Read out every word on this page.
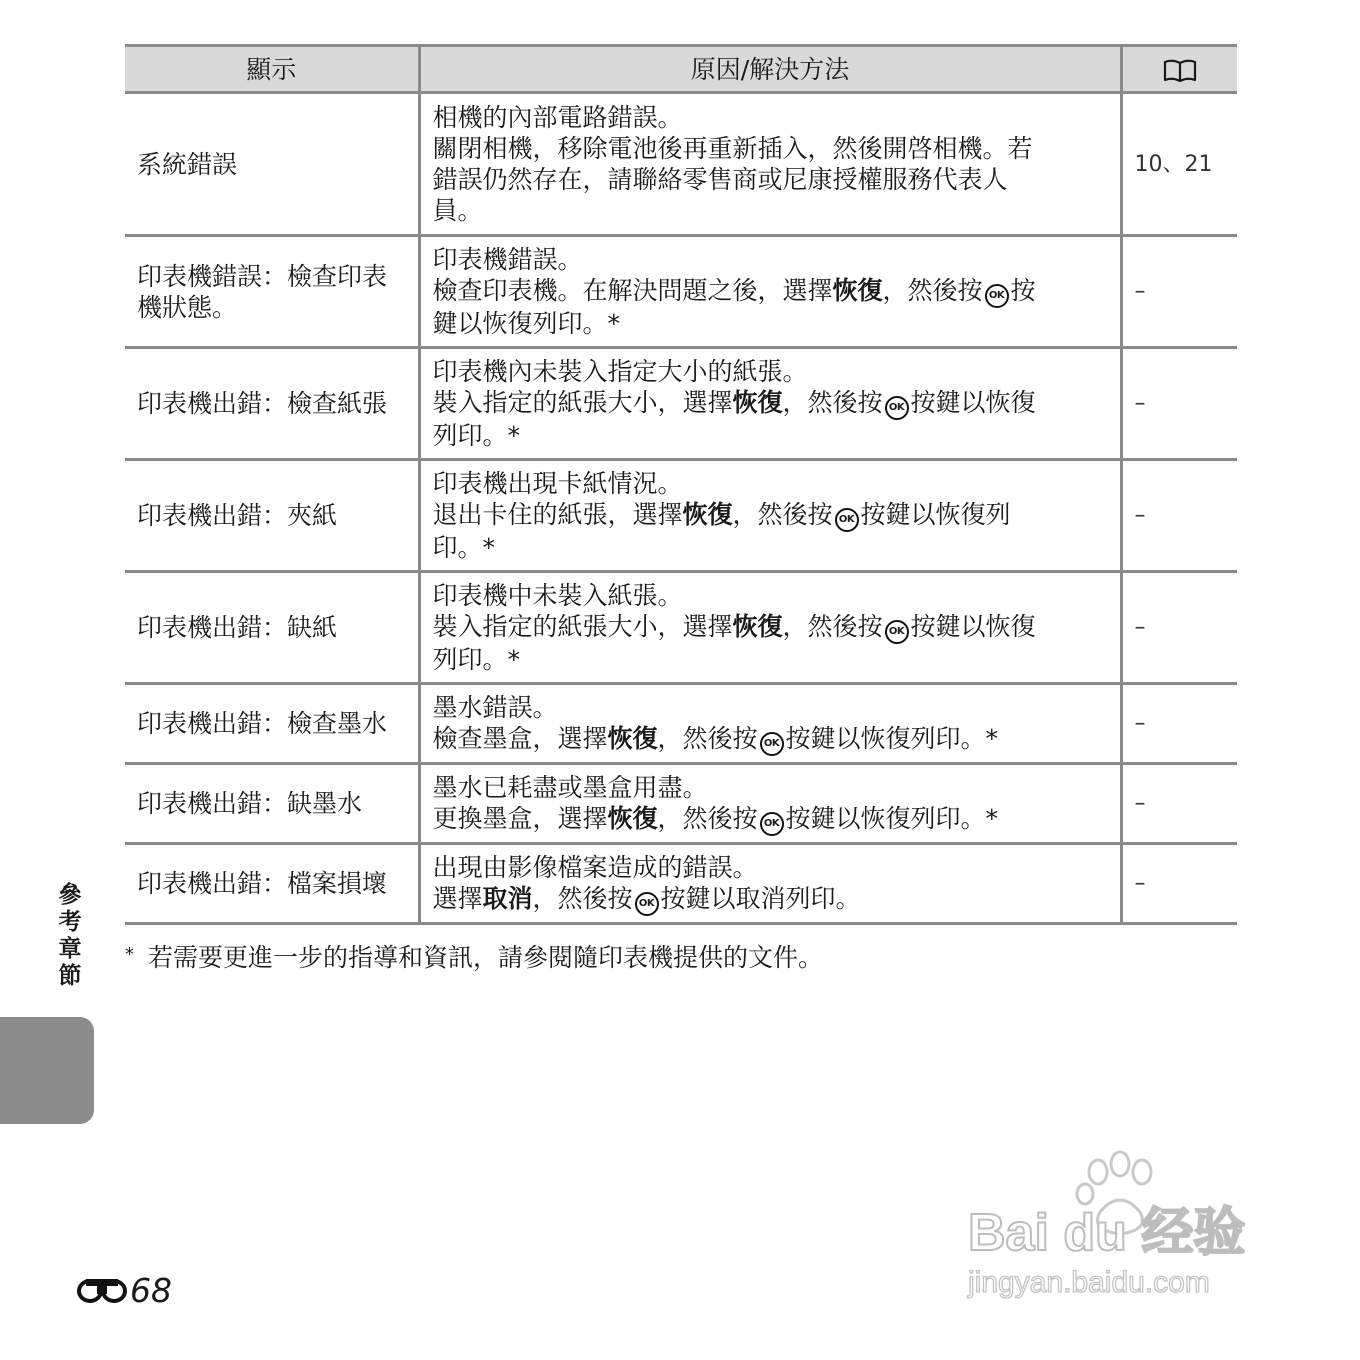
顯示	原因/解決方法	
系統錯誤	相機的內部電路錯誤。
關閉相機，移除電池後再重新插入，然後開啓相機。若
錯誤仍然存在，請聯絡零售商或尼康授權服務代表人
員。	10、21
印表機錯誤：檢查印表機狀態。	印表機錯誤。
檢查印表機。在解決問題之後，選擇恢復，然後按 OK 按
鍵以恢復列印。*	–
印表機出錯：檢查紙張	印表機內未裝入指定大小的紙張。
裝入指定的紙張大小，選擇恢復，然後按 OK 按鍵以恢復
列印。*	–
印表機出錯：夾紙	印表機出現卡紙情況。
退出卡住的紙張，選擇恢復，然後按 OK 按鍵以恢復列
印。*	–
印表機出錯：缺紙	印表機中未裝入紙張。
裝入指定的紙張大小，選擇恢復，然後按 OK 按鍵以恢復
列印。*	–
印表機出錯：檢查墨水	墨水錯誤。
檢查墨盒，選擇恢復，然後按 OK 按鍵以恢復列印。*	–
印表機出錯：缺墨水	墨水已耗盡或墨盒用盡。
更換墨盒，選擇恢復，然後按 OK 按鍵以恢復列印。*	–
印表機出錯：檔案損壞	出現由影像檔案造成的錯誤。
選擇取消，然後按 OK 按鍵以取消列印。	–
* 若需要更進一步的指導和資訊，請參閱隨印表機提供的文件。
參考章節
68
Bai du 经验
jingyan.baidu.com
